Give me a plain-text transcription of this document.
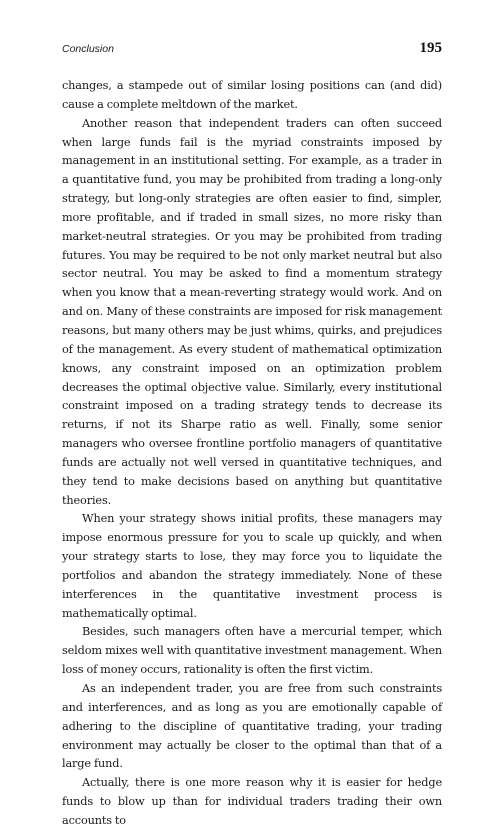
Conclusion	195

changes, a stampede out of similar losing positions can (and did) cause a complete meltdown of the market.

Another reason that independent traders can often succeed when large funds fail is the myriad constraints imposed by management in an institutional setting. For example, as a trader in a quantitative fund, you may be prohibited from trading a long-only strategy, but long-only strategies are often easier to find, simpler, more profitable, and if traded in small sizes, no more risky than market-neutral strategies. Or you may be prohibited from trading futures. You may be required to be not only market neutral but also sector neutral. You may be asked to find a momentum strategy when you know that a mean-reverting strategy would work. And on and on. Many of these constraints are imposed for risk management reasons, but many others may be just whims, quirks, and prejudices of the management. As every student of mathematical optimization knows, any constraint imposed on an optimization problem decreases the optimal objective value. Similarly, every institutional constraint imposed on a trading strategy tends to decrease its returns, if not its Sharpe ratio as well. Finally, some senior managers who oversee frontline portfolio managers of quantitative funds are actually not well versed in quantitative techniques, and they tend to make decisions based on anything but quantitative theories.

When your strategy shows initial profits, these managers may impose enormous pressure for you to scale up quickly, and when your strategy starts to lose, they may force you to liquidate the portfolios and abandon the strategy immediately. None of these interferences in the quantitative investment process is mathematically optimal.

Besides, such managers often have a mercurial temper, which seldom mixes well with quantitative investment management. When loss of money occurs, rationality is often the first victim.

As an independent trader, you are free from such constraints and interferences, and as long as you are emotionally capable of adhering to the discipline of quantitative trading, your trading environment may actually be closer to the optimal than that of a large fund.

Actually, there is one more reason why it is easier for hedge funds to blow up than for individual traders trading their own accounts to
